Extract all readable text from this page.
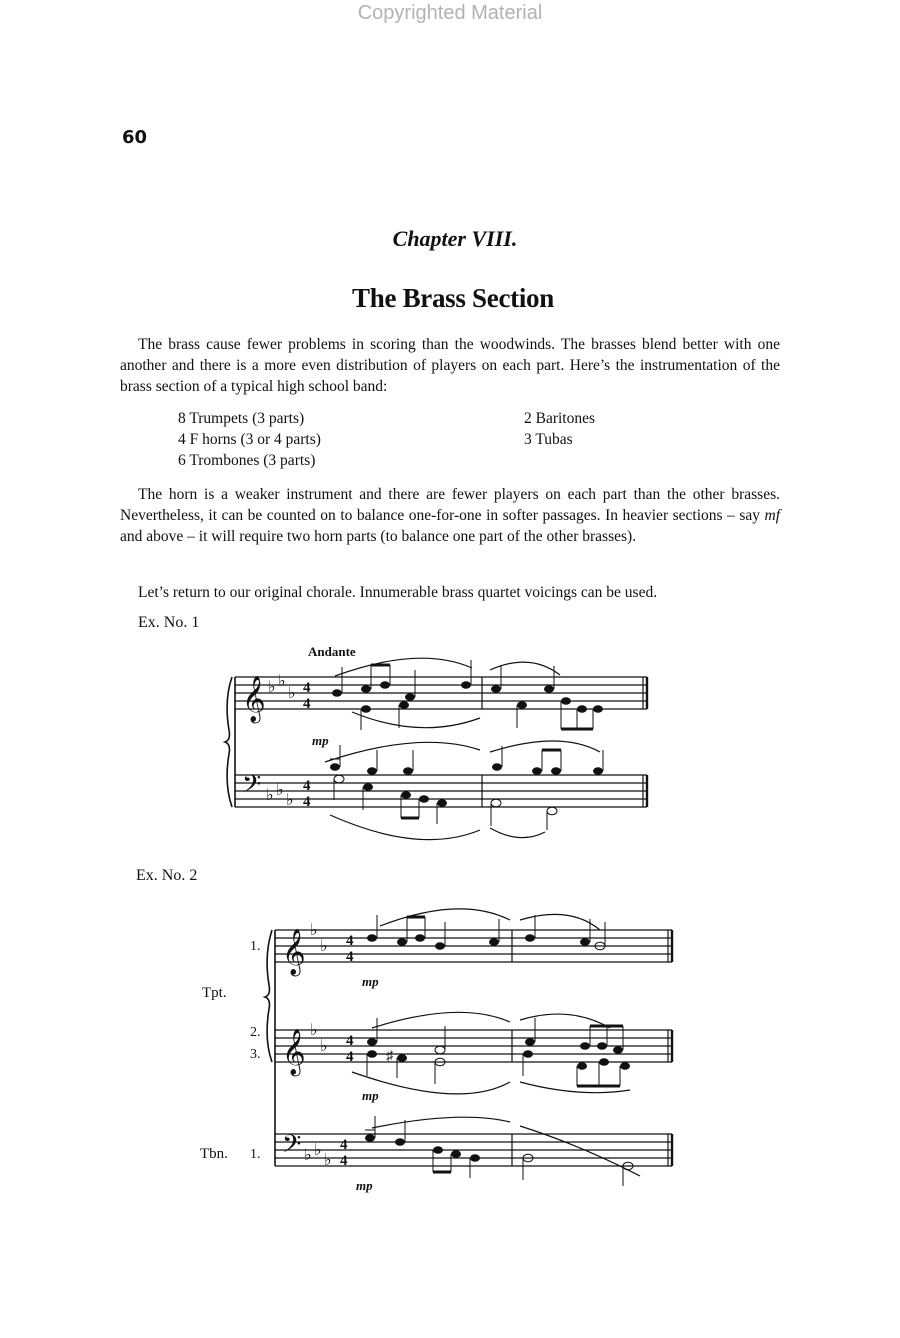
Copyrighted Material
60
Chapter VIII.
The Brass Section

The brass cause fewer problems in scoring than the woodwinds. The brasses blend better with one another and there is a more even distribution of players on each part. Here’s the instrumentation of the brass section of a typical high school band:

8 Trumpets (3 parts)
4 F horns (3 or 4 parts)
6 Trombones (3 parts)
2 Baritones
3 Tubas

The horn is a weaker instrument and there are fewer players on each part than the other brasses. Nevertheless, it can be counted on to balance one-for-one in softer passages. In heavier sections – say mf and above – it will require two horn parts (to balance one part of the other brasses).

Let’s return to our original chorale. Innumerable brass quartet voicings can be used.

Ex. No. 1
Ex. No. 2
𝄞
𝄢
♭ ♭
♭
♭ ♭
♭
4
4
4
4
Andante
mp
𝄞
𝄞
𝄢
♭
♭
♭
♭
♭ ♭
♭
4
4
4
4
4
4
♯
1.
Tpt.
2.
3.
Tbn. 1.
mp
mp
mp
